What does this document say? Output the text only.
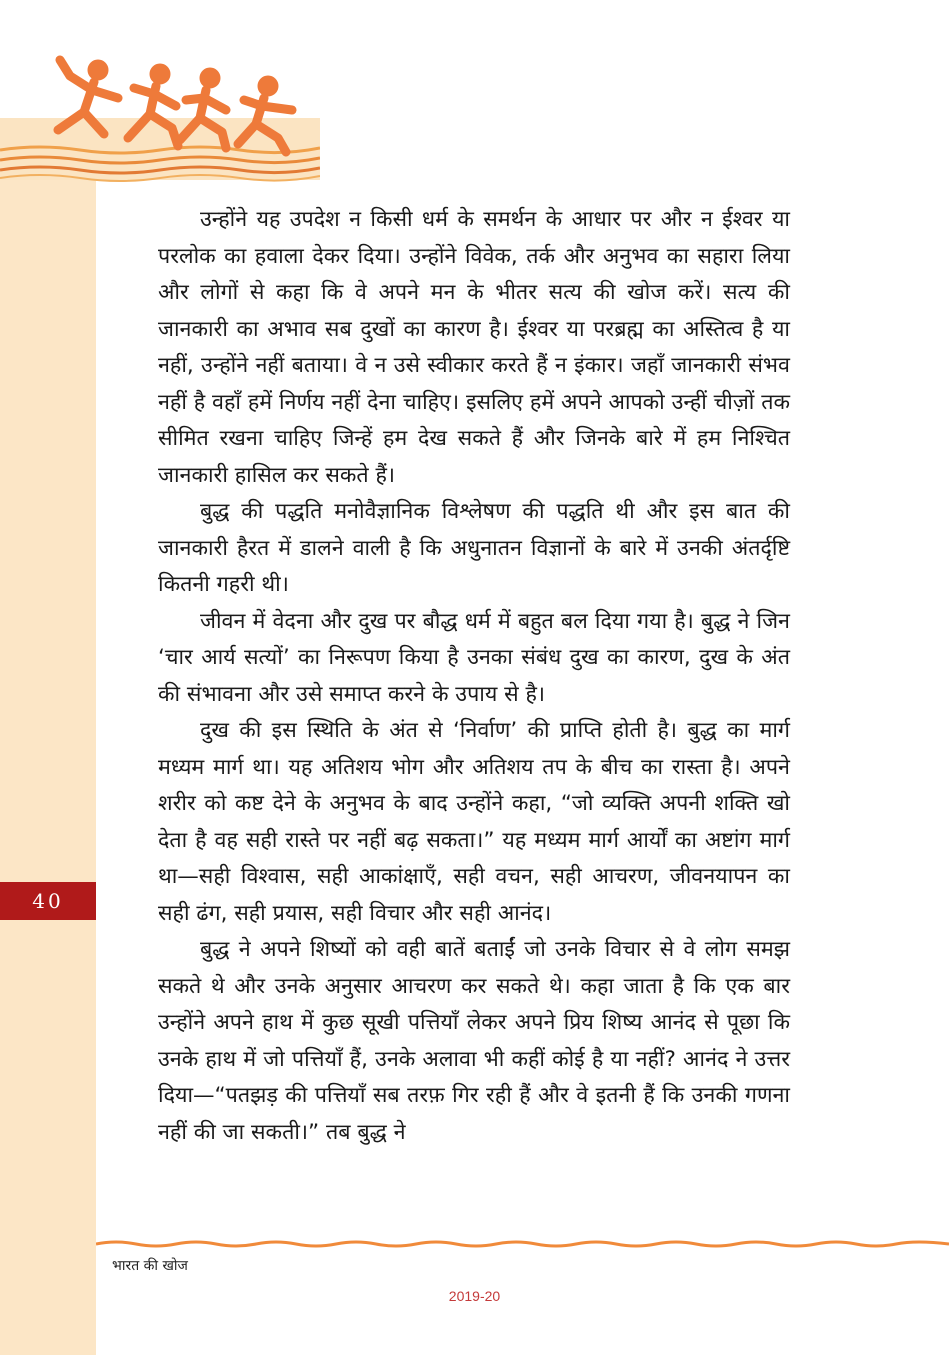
40

उन्होंने यह उपदेश न किसी धर्म के समर्थन के आधार पर और न ईश्वर या परलोक का हवाला देकर दिया। उन्होंने विवेक, तर्क और अनुभव का सहारा लिया और लोगों से कहा कि वे अपने मन के भीतर सत्य की खोज करें। सत्य की जानकारी का अभाव सब दुखों का कारण है। ईश्वर या परब्रह्म का अस्तित्व है या नहीं, उन्होंने नहीं बताया। वे न उसे स्वीकार करते हैं न इंकार। जहाँ जानकारी संभव नहीं है वहाँ हमें निर्णय नहीं देना चाहिए। इसलिए हमें अपने आपको उन्हीं चीज़ों तक सीमित रखना चाहिए जिन्हें हम देख सकते हैं और जिनके बारे में हम निश्चित जानकारी हासिल कर सकते हैं।

बुद्ध की पद्धति मनोवैज्ञानिक विश्लेषण की पद्धति थी और इस बात की जानकारी हैरत में डालने वाली है कि अधुनातन विज्ञानों के बारे में उनकी अंतर्दृष्टि कितनी गहरी थी।

जीवन में वेदना और दुख पर बौद्ध धर्म में बहुत बल दिया गया है। बुद्ध ने जिन ‘चार आर्य सत्यों’ का निरूपण किया है उनका संबंध दुख का कारण, दुख के अंत की संभावना और उसे समाप्त करने के उपाय से है।

दुख की इस स्थिति के अंत से ‘निर्वाण’ की प्राप्ति होती है। बुद्ध का मार्ग मध्यम मार्ग था। यह अतिशय भोग और अतिशय तप के बीच का रास्ता है। अपने शरीर को कष्ट देने के अनुभव के बाद उन्होंने कहा, “जो व्यक्ति अपनी शक्ति खो देता है वह सही रास्ते पर नहीं बढ़ सकता।” यह मध्यम मार्ग आर्यों का अष्टांग मार्ग था—सही विश्वास, सही आकांक्षाएँ, सही वचन, सही आचरण, जीवनयापन का सही ढंग, सही प्रयास, सही विचार और सही आनंद।

बुद्ध ने अपने शिष्यों को वही बातें बताईं जो उनके विचार से वे लोग समझ सकते थे और उनके अनुसार आचरण कर सकते थे। कहा जाता है कि एक बार उन्होंने अपने हाथ में कुछ सूखी पत्तियाँ लेकर अपने प्रिय शिष्य आनंद से पूछा कि उनके हाथ में जो पत्तियाँ हैं, उनके अलावा भी कहीं कोई है या नहीं? आनंद ने उत्तर दिया—“पतझड़ की पत्तियाँ सब तरफ़ गिर रही हैं और वे इतनी हैं कि उनकी गणना नहीं की जा सकती।” तब बुद्ध ने

भारत की खोज
2019-20
